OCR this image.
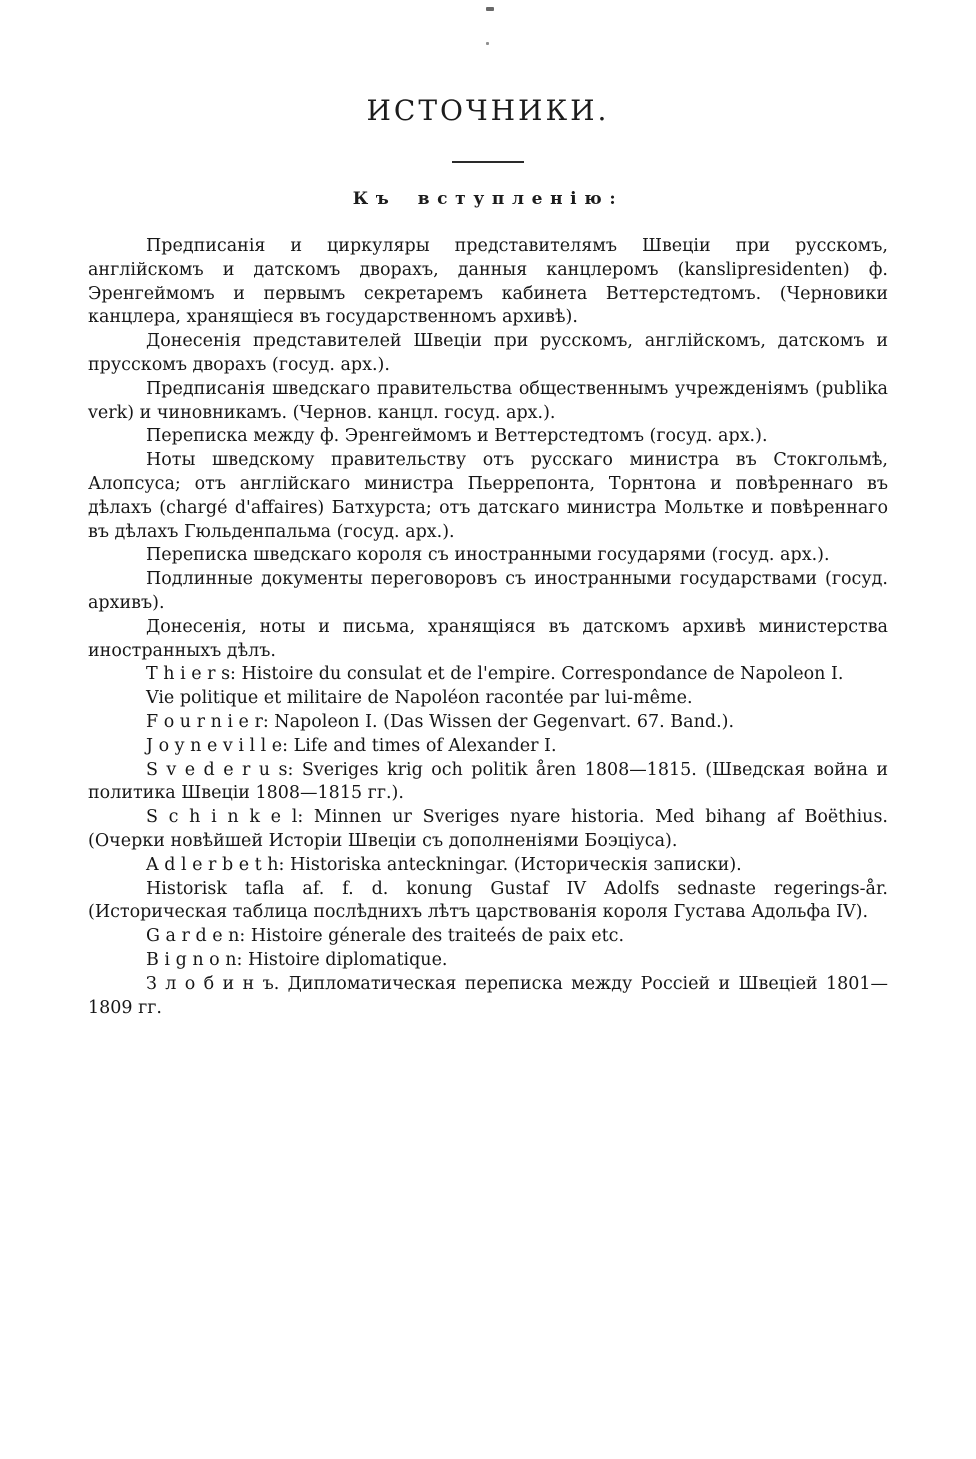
ИСТОЧНИКИ.
Къ вступленію:

Предписанія и циркуляры представителямъ Швеціи при русскомъ, англійскомъ и датскомъ дворахъ, данныя канцлеромъ (kanslipresidenten) ф. Эренгеймомъ и первымъ секретаремъ кабинета Веттерстедтомъ. (Черновики канцлера, хранящіеся въ государственномъ архивѣ).

Донесенія представителей Швеціи при русскомъ, англійскомъ, датскомъ и прусскомъ дворахъ (госуд. арх.).

Предписанія шведскаго правительства общественнымъ учрежденіямъ (publika verk) и чиновникамъ. (Чернов. канцл. госуд. арх.).

Переписка между ф. Эренгеймомъ и Веттерстедтомъ (госуд. арх.).

Ноты шведскому правительству отъ русскаго министра въ Стокгольмѣ, Алопсуса; отъ англійскаго министра Пьеррепонта, Торнтона и повѣреннаго въ дѣлахъ (chargé d'affaires) Батхурста; отъ датскаго министра Мольтке и повѣреннаго въ дѣлахъ Гюльденпальма (госуд. арх.).

Переписка шведскаго короля съ иностранными государями (госуд. арх.).

Подлинные документы переговоровъ съ иностранными государствами (госуд. архивъ).

Донесенія, ноты и письма, хранящіяся въ датскомъ архивѣ министерства иностранныхъ дѣлъ.

T h i e r s: Histoire du consulat et de l'empire. Correspondance de Napoleon I.

Vie politique et militaire de Napoléon racontée par lui-même.

F o u r n i e r: Napoleon I. (Das Wissen der Gegenvart. 67. Band.).

J o y n e v i l l e: Life and times of Alexander I.

S v e d e r u s: Sveriges krig och politik åren 1808—1815. (Шведская война и политика Швеціи 1808—1815 гг.).

S c h i n k e l: Minnen ur Sveriges nyare historia. Med bihang af Boëthius. (Очерки новѣйшей Исторіи Швеціи съ дополненіями Боэціуса).

A d l e r b e t h: Historiska anteckningar. (Историческія записки).

Historisk tafla af. f. d. konung Gustaf IV Adolfs sednaste regerings-år. (Историческая таблица послѣднихъ лѣтъ царствованія короля Густава Адольфа IV).

G a r d e n: Histoire génerale des traiteés de paix etc.

B i g n o n: Histoire diplomatique.

З л о б и н ъ. Дипломатическая переписка между Россіей и Швеціей 1801—1809 гг.
